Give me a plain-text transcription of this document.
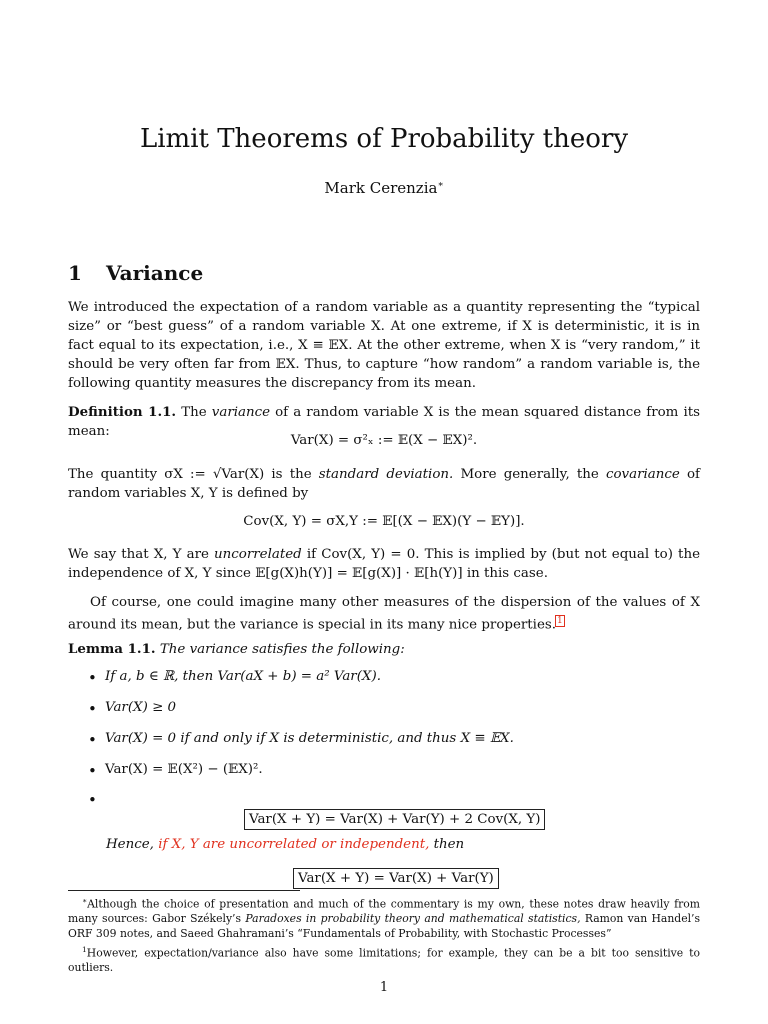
Limit Theorems of Probability theory
Mark Cerenzia∗
1 Variance
We introduced the expectation of a random variable as a quantity representing the “typical size” or “best guess” of a random variable X. At one extreme, if X is deterministic, it is in fact equal to its expectation, i.e., X ≡ 𝔼X. At the other extreme, when X is “very random,” it should be very often far from 𝔼X. Thus, to capture “how random” a random variable is, the following quantity measures the discrepancy from its mean.
Definition 1.1. The variance of a random variable X is the mean squared distance from its mean:
Var(X) = σ²ₓ := 𝔼(X − 𝔼X)².
The quantity σX := √Var(X) is the standard deviation. More generally, the covariance of random variables X, Y is defined by
Cov(X, Y) = σX,Y := 𝔼[(X − 𝔼X)(Y − 𝔼Y)].
We say that X, Y are uncorrelated if Cov(X, Y) = 0. This is implied by (but not equal to) the independence of X, Y since 𝔼[g(X)h(Y)] = 𝔼[g(X)] · 𝔼[h(Y)] in this case.
Of course, one could imagine many other measures of the dispersion of the values of X around its mean, but the variance is special in its many nice properties.$^1$
Lemma 1.1. The variance satisfies the following:
• If a, b ∈ ℝ, then Var(aX + b) = a² Var(X).
• Var(X) ≥ 0
• Var(X) = 0 if and only if X is deterministic, and thus X ≡ 𝔼X.
• Var(X) = 𝔼(X²) − (𝔼X)².
•
Var(X + Y) = Var(X) + Var(Y) + 2 Cov(X, Y)
Hence, if X, Y are uncorrelated or independent, then
Var(X + Y) = Var(X) + Var(Y)
∗Although the choice of presentation and much of the commentary is my own, these notes draw heavily from many sources: Gabor Székely’s Paradoxes in probability theory and mathematical statistics, Ramon van Handel’s ORF 309 notes, and Saeed Ghahramani’s “Fundamentals of Probability, with Stochastic Processes”
$^1$However, expectation/variance also have some limitations; for example, they can be a bit too sensitive to outliers.
1
